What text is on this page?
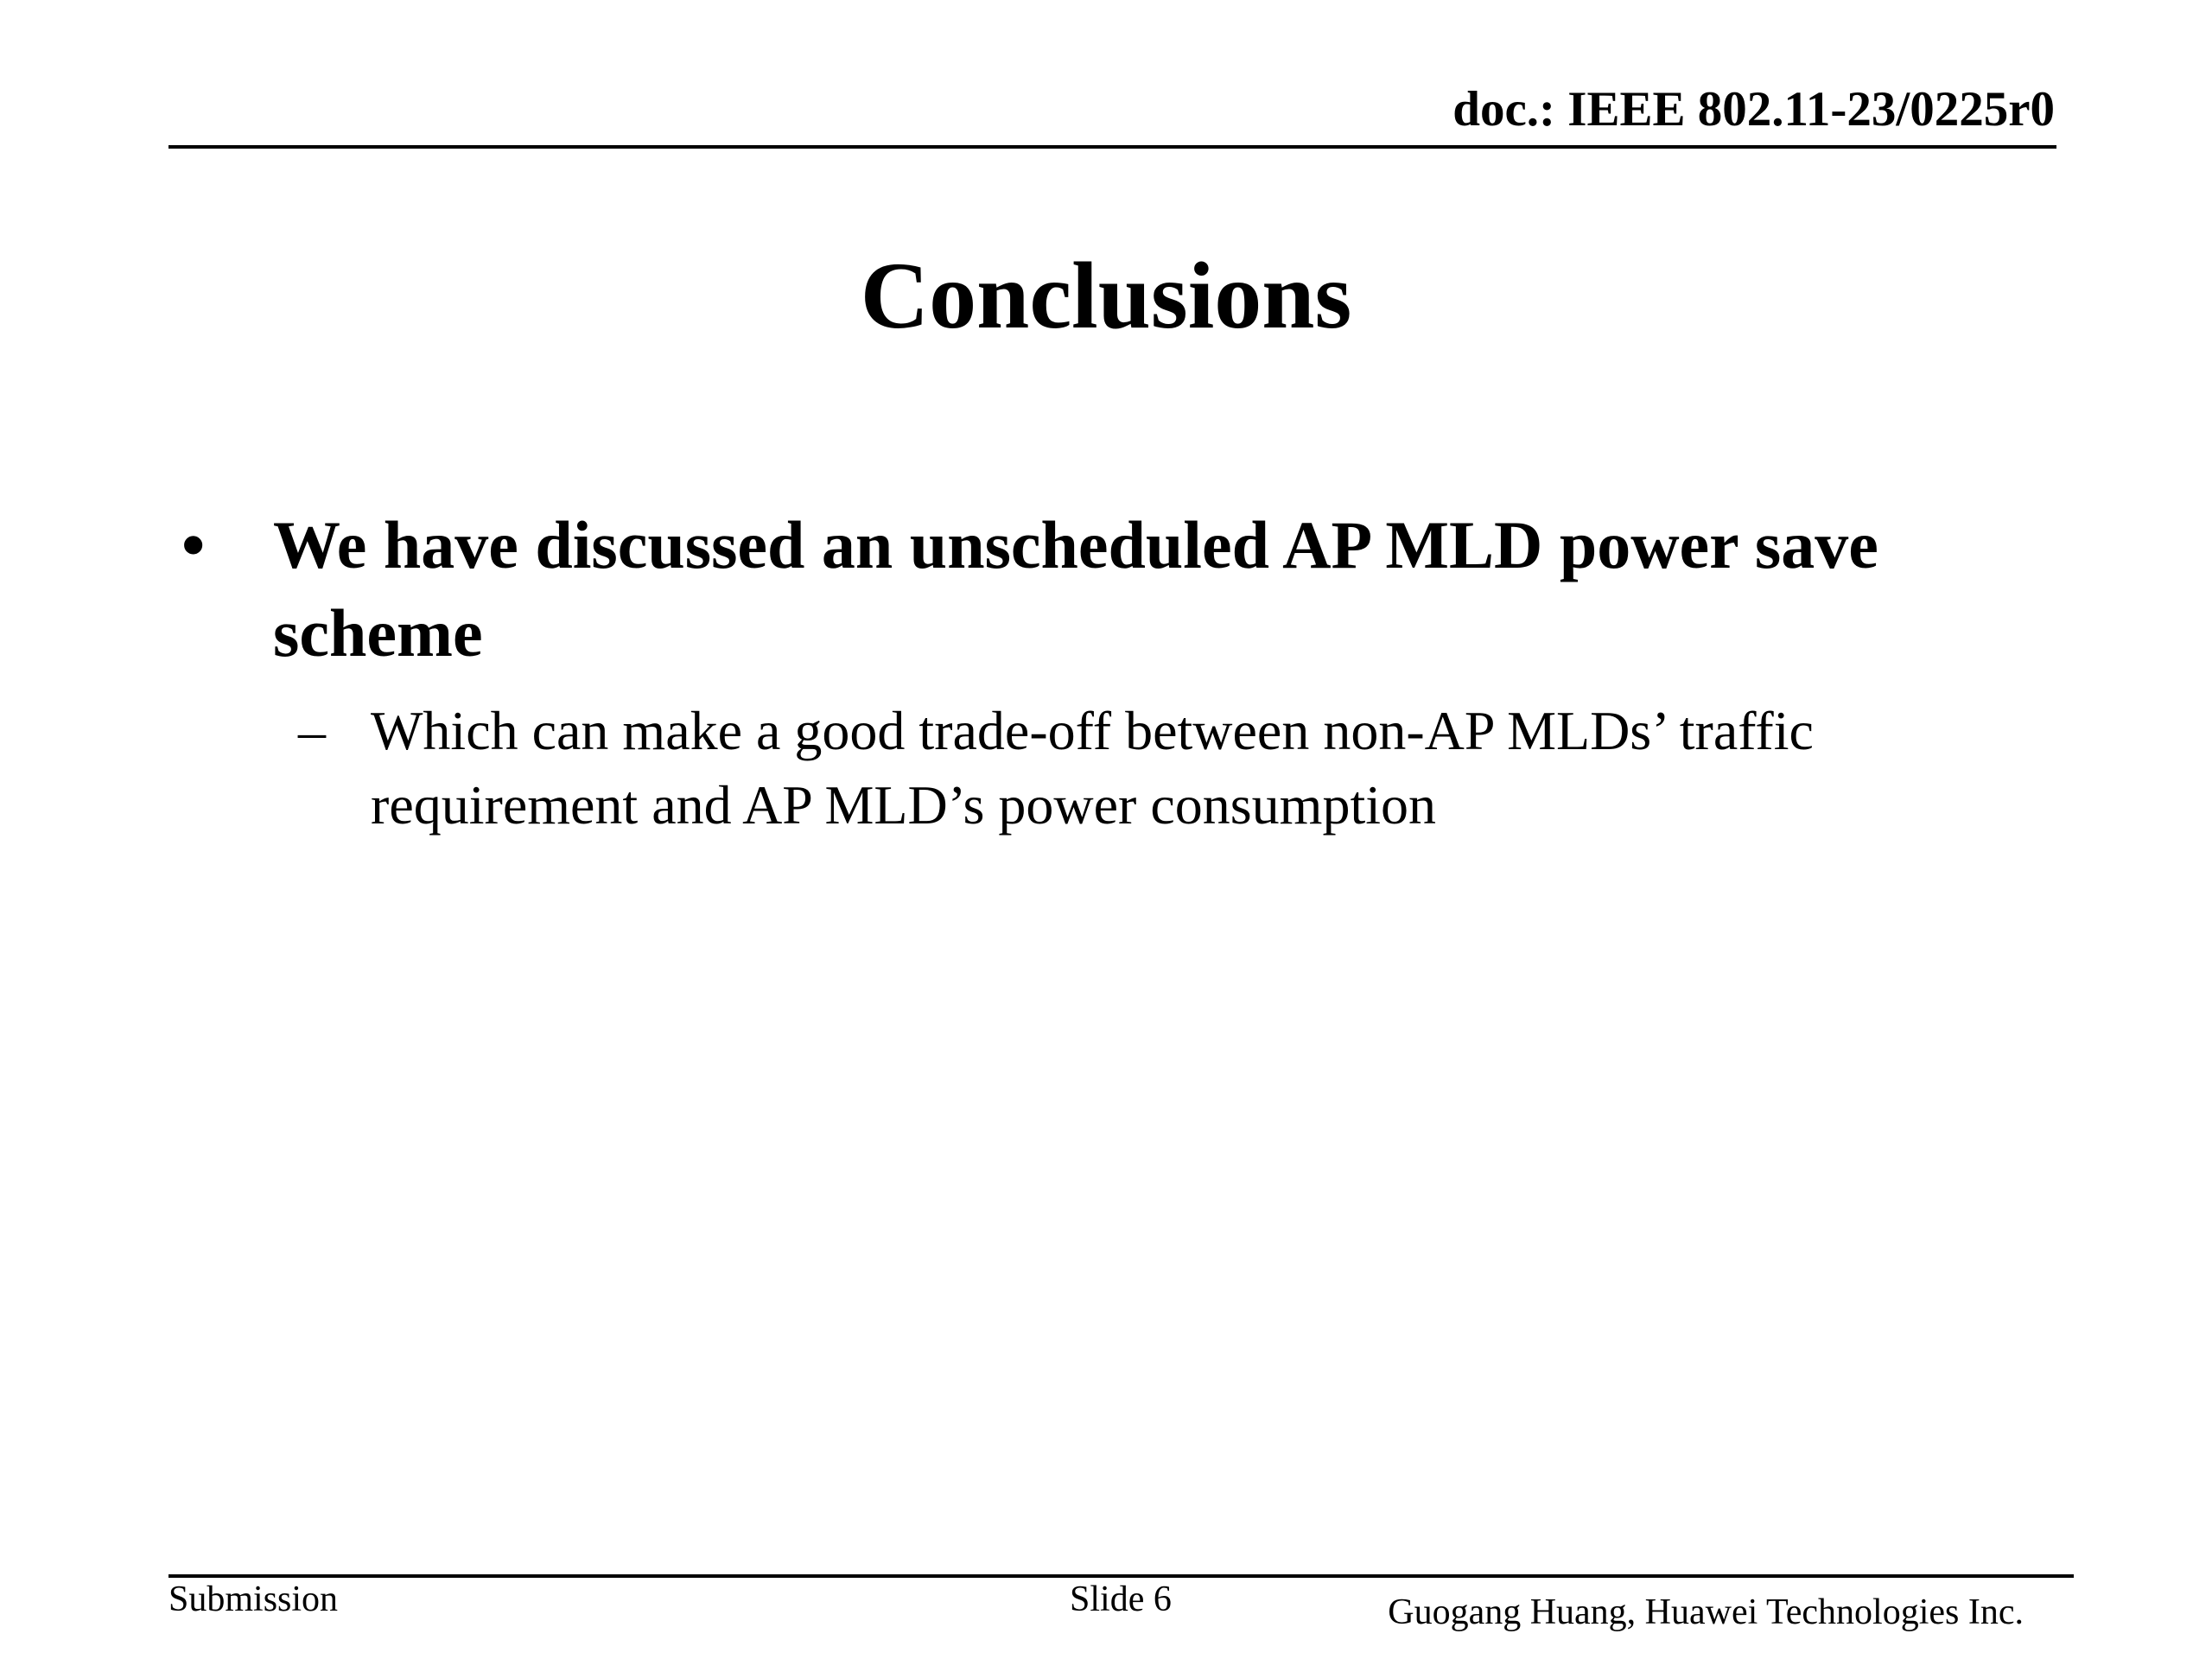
doc.: IEEE 802.11-23/0225r0
Conclusions
• We have discussed an unscheduled AP MLD power save scheme
– Which can make a good trade-off between non-AP MLDs’ traffic requirement and AP MLD’s power consumption
Submission	Slide 6	Guogang Huang, Huawei Technologies Inc.
